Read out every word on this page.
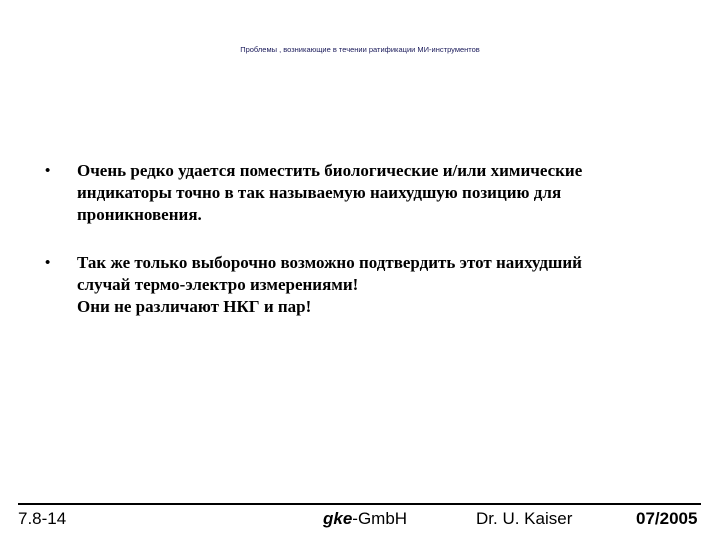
Проблемы , возникающие в течении ратификации МИ-инструментов
•	Очень редко удается поместить биологические и/или химические
индикаторы точно в так называемую наихудшую позицию для
проникновения.
•	Так же только выборочно возможно подтвердить этот наихудший
случай термо-электро измерениями!
Они не различают НКГ и пар!
7.8-14	gke-GmbH	Dr. U. Kaiser	07/2005
